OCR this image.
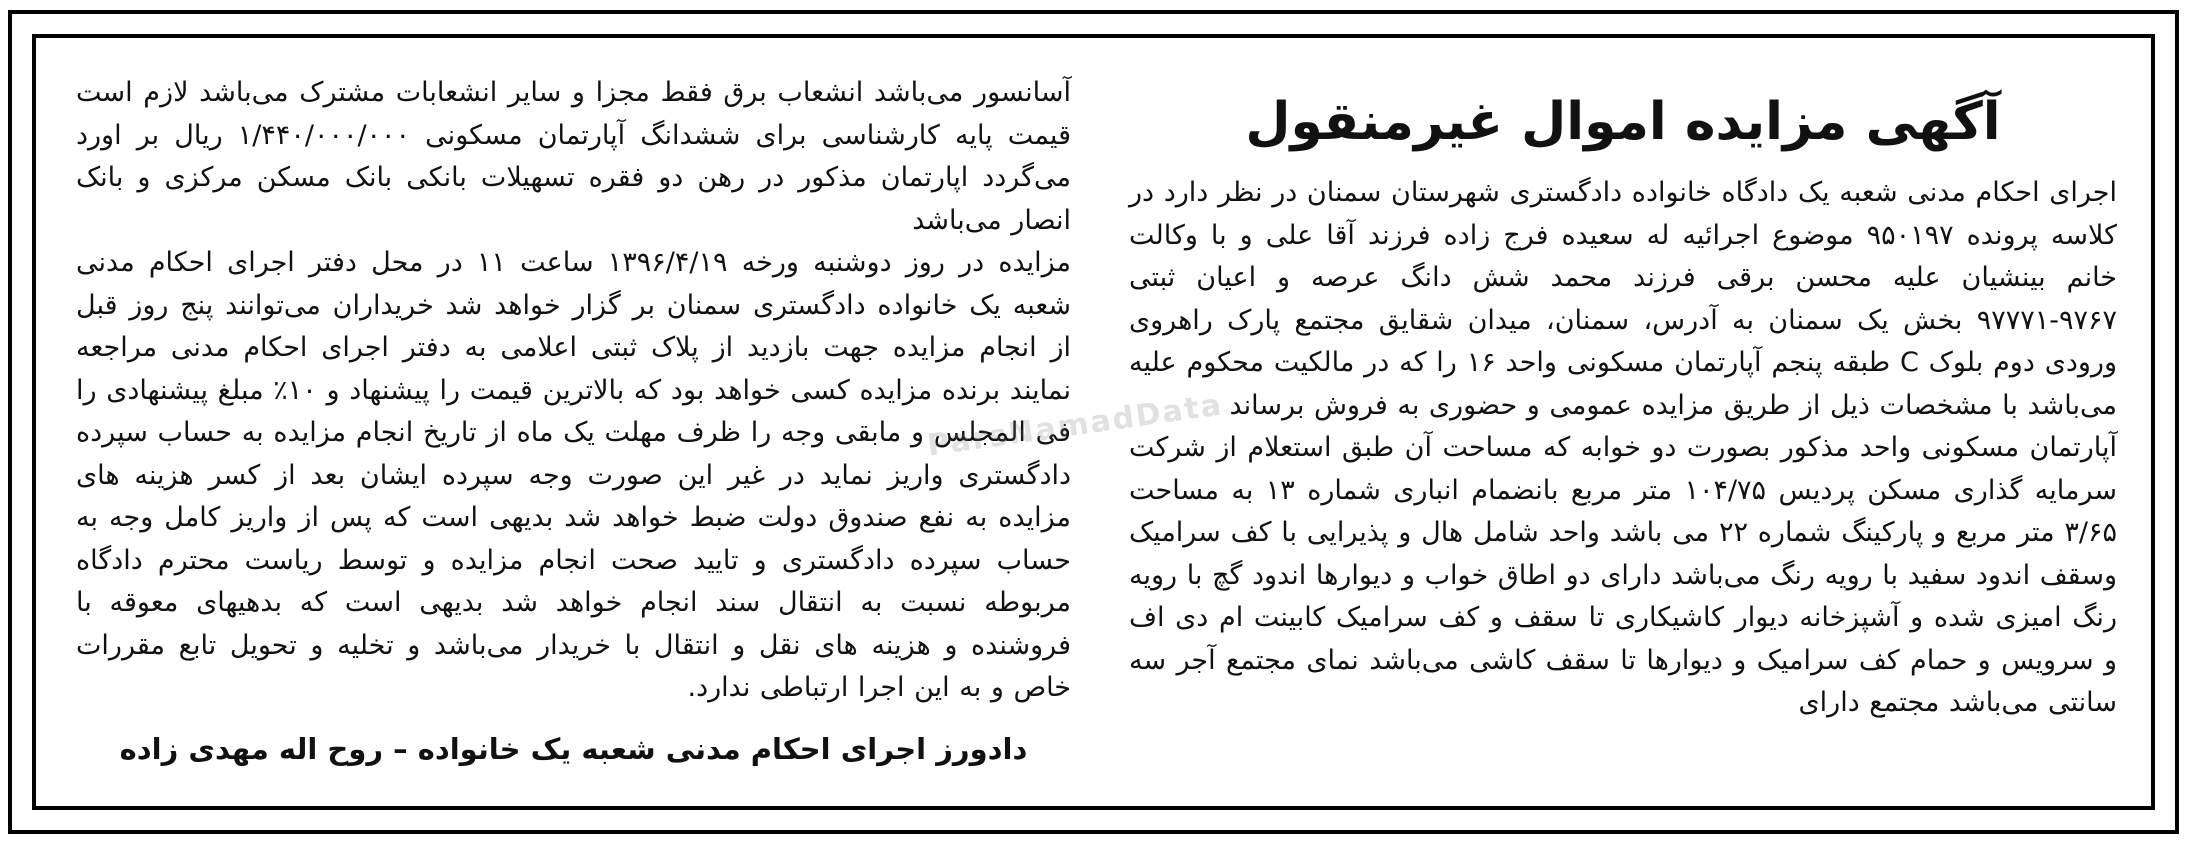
آگهی مزایده اموال غیرمنقول

اجرای احکام مدنی شعبه یک دادگاه خانواده دادگستری شهرستان سمنان در نظر دارد در کلاسه پرونده ۹۵۰۱۹۷ موضوع اجرائیه له سعیده فرج زاده فرزند آقا علی و با وکالت خانم بینشیان علیه محسن برقی فرزند محمد شش دانگ عرصه و اعیان ثبتی ۹۷۶۷-۹۷۷۷۱ بخش یک سمنان به آدرس، سمنان، میدان شقایق مجتمع پارک راهروی ورودی دوم بلوک C طبقه پنجم آپارتمان مسکونی واحد ۱۶ را که در مالکیت محکوم علیه می‌باشد با مشخصات ذیل از طریق مزایده عمومی و حضوری به فروش برساند

آپارتمان مسکونی واحد مذکور بصورت دو خوابه که مساحت آن طبق استعلام از شرکت سرمایه گذاری مسکن پردیس ۱۰۴/۷۵ متر مربع بانضمام انباری شماره ۱۳ به مساحت ۳/۶۵ متر مربع و پارکینگ شماره ۲۲ می باشد واحد شامل هال و پذیرایی با کف سرامیک وسقف اندود سفید با رویه رنگ می‌باشد دارای دو اطاق خواب و دیوارها اندود گچ با رویه رنگ امیزی شده و آشپزخانه دیوار کاشیکاری تا سقف و کف سرامیک کابینت ام دی اف و سرویس و حمام کف سرامیک و دیوارها تا سقف کاشی می‌باشد نمای مجتمع آجر سه سانتی می‌باشد مجتمع دارای

آسانسور می‌باشد انشعاب برق فقط مجزا و سایر انشعابات مشترک می‌باشد لازم است قیمت پایه کارشناسی برای ششدانگ آپارتمان مسکونی ۱/۴۴۰/۰۰۰/۰۰۰ ریال بر اورد می‌گردد اپارتمان مذکور در رهن دو فقره تسهیلات بانکی بانک مسکن مرکزی و بانک انصار می‌باشد

مزایده در روز دوشنبه ورخه ۱۳۹۶/۴/۱۹ ساعت ۱۱ در محل دفتر اجرای احکام مدنی شعبه یک خانواده دادگستری سمنان بر گزار خواهد شد خریداران می‌توانند پنج روز قبل از انجام مزایده جهت بازدید از پلاک ثبتی اعلامی به دفتر اجرای احکام مدنی مراجعه نمایند برنده مزایده کسی خواهد بود که بالاترین قیمت را پیشنهاد و ۱۰٪ مبلغ پیشنهادی را فی المجلس و مابقی وجه را ظرف مهلت یک ماه از تاریخ انجام مزایده به حساب سپرده دادگستری واریز نماید در غیر این صورت وجه سپرده ایشان بعد از کسر هزینه های مزایده به نفع صندوق دولت ضبط خواهد شد بدیهی است که پس از واریز کامل وجه به حساب سپرده دادگستری و تایید صحت انجام مزایده و توسط ریاست محترم دادگاه مربوطه نسبت به انتقال سند انجام خواهد شد بدیهی است که بدهیهای معوقه با فروشنده و هزینه های نقل و انتقال با خریدار می‌باشد و تخلیه و تحویل تابع مقررات خاص و به این اجرا ارتباطی ندارد.

دادورز اجرای احکام مدنی شعبه یک خانواده – روح اله مهدی زاده
ParsNamadData
